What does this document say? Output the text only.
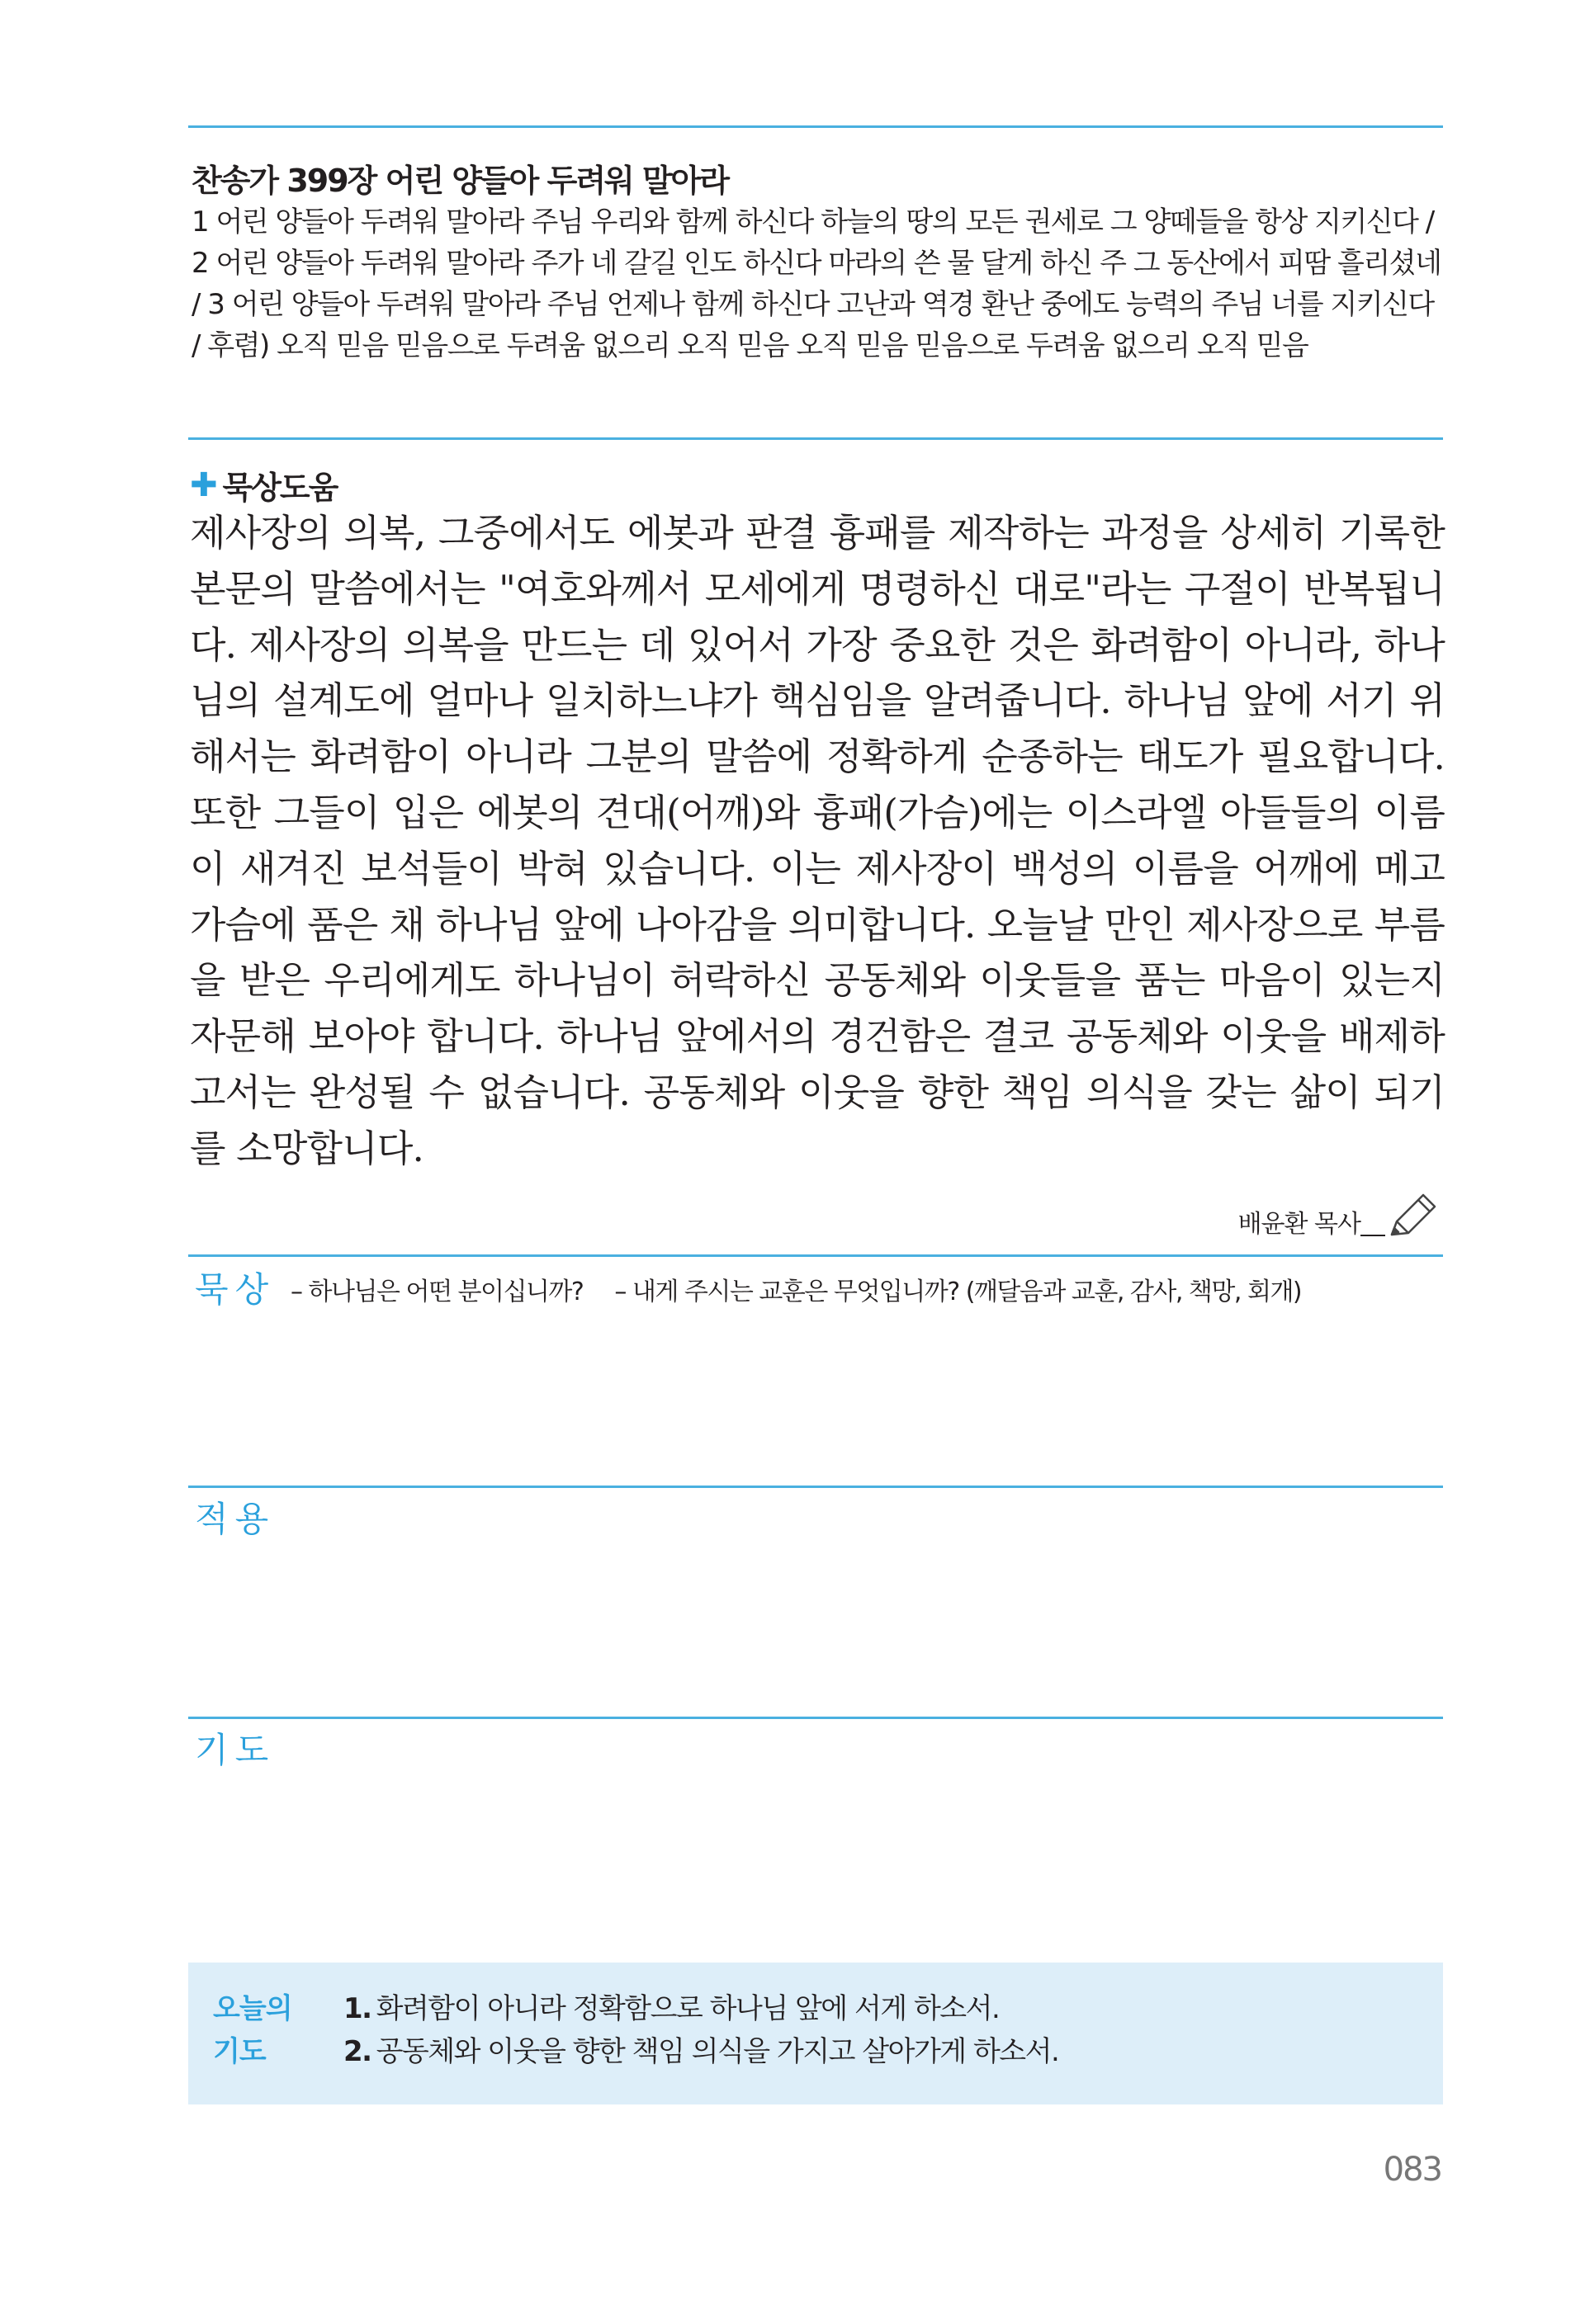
찬송가 399장 어린 양들아 두려워 말아라

1 어린 양들아 두려워 말아라 주님 우리와 함께 하신다 하늘의 땅의 모든 권세로 그 양떼들을 항상 지키신다 / 2 어린 양들아 두려워 말아라 주가 네 갈길 인도 하신다 마라의 쓴 물 달게 하신 주 그 동산에서 피땀 흘리셨네 / 3 어린 양들아 두려워 말아라 주님 언제나 함께 하신다 고난과 역경 환난 중에도 능력의 주님 너를 지키신다 / 후렴) 오직 믿음 믿음으로 두려움 없으리 오직 믿음 오직 믿음 믿음으로 두려움 없으리 오직 믿음

✚ 묵상도움

제사장의 의복, 그중에서도 에봇과 판결 흉패를 제작하는 과정을 상세히 기록한 본문의 말씀에서는 "여호와께서 모세에게 명령하신 대로"라는 구절이 반복됩니다. 제사장의 의복을 만드는 데 있어서 가장 중요한 것은 화려함이 아니라, 하나님의 설계도에 얼마나 일치하느냐가 핵심임을 알려줍니다. 하나님 앞에 서기 위해서는 화려함이 아니라 그분의 말씀에 정확하게 순종하는 태도가 필요합니다. 또한 그들이 입은 에봇의 견대(어깨)와 흉패(가슴)에는 이스라엘 아들들의 이름이 새겨진 보석들이 박혀 있습니다. 이는 제사장이 백성의 이름을 어깨에 메고 가슴에 품은 채 하나님 앞에 나아감을 의미합니다. 오늘날 만인 제사장으로 부름을 받은 우리에게도 하나님이 허락하신 공동체와 이웃들을 품는 마음이 있는지 자문해 보아야 합니다. 하나님 앞에서의 경건함은 결코 공동체와 이웃을 배제하고서는 완성될 수 없습니다. 공동체와 이웃을 향한 책임 의식을 갖는 삶이 되기를 소망합니다.

배윤환 목사
묵상 – 하나님은 어떤 분이십니까? – 내게 주시는 교훈은 무엇입니까? (깨달음과 교훈, 감사, 책망, 회개)
적용
기도
오늘의
기도
1. 화려함이 아니라 정확함으로 하나님 앞에 서게 하소서.
2. 공동체와 이웃을 향한 책임 의식을 가지고 살아가게 하소서.
083
